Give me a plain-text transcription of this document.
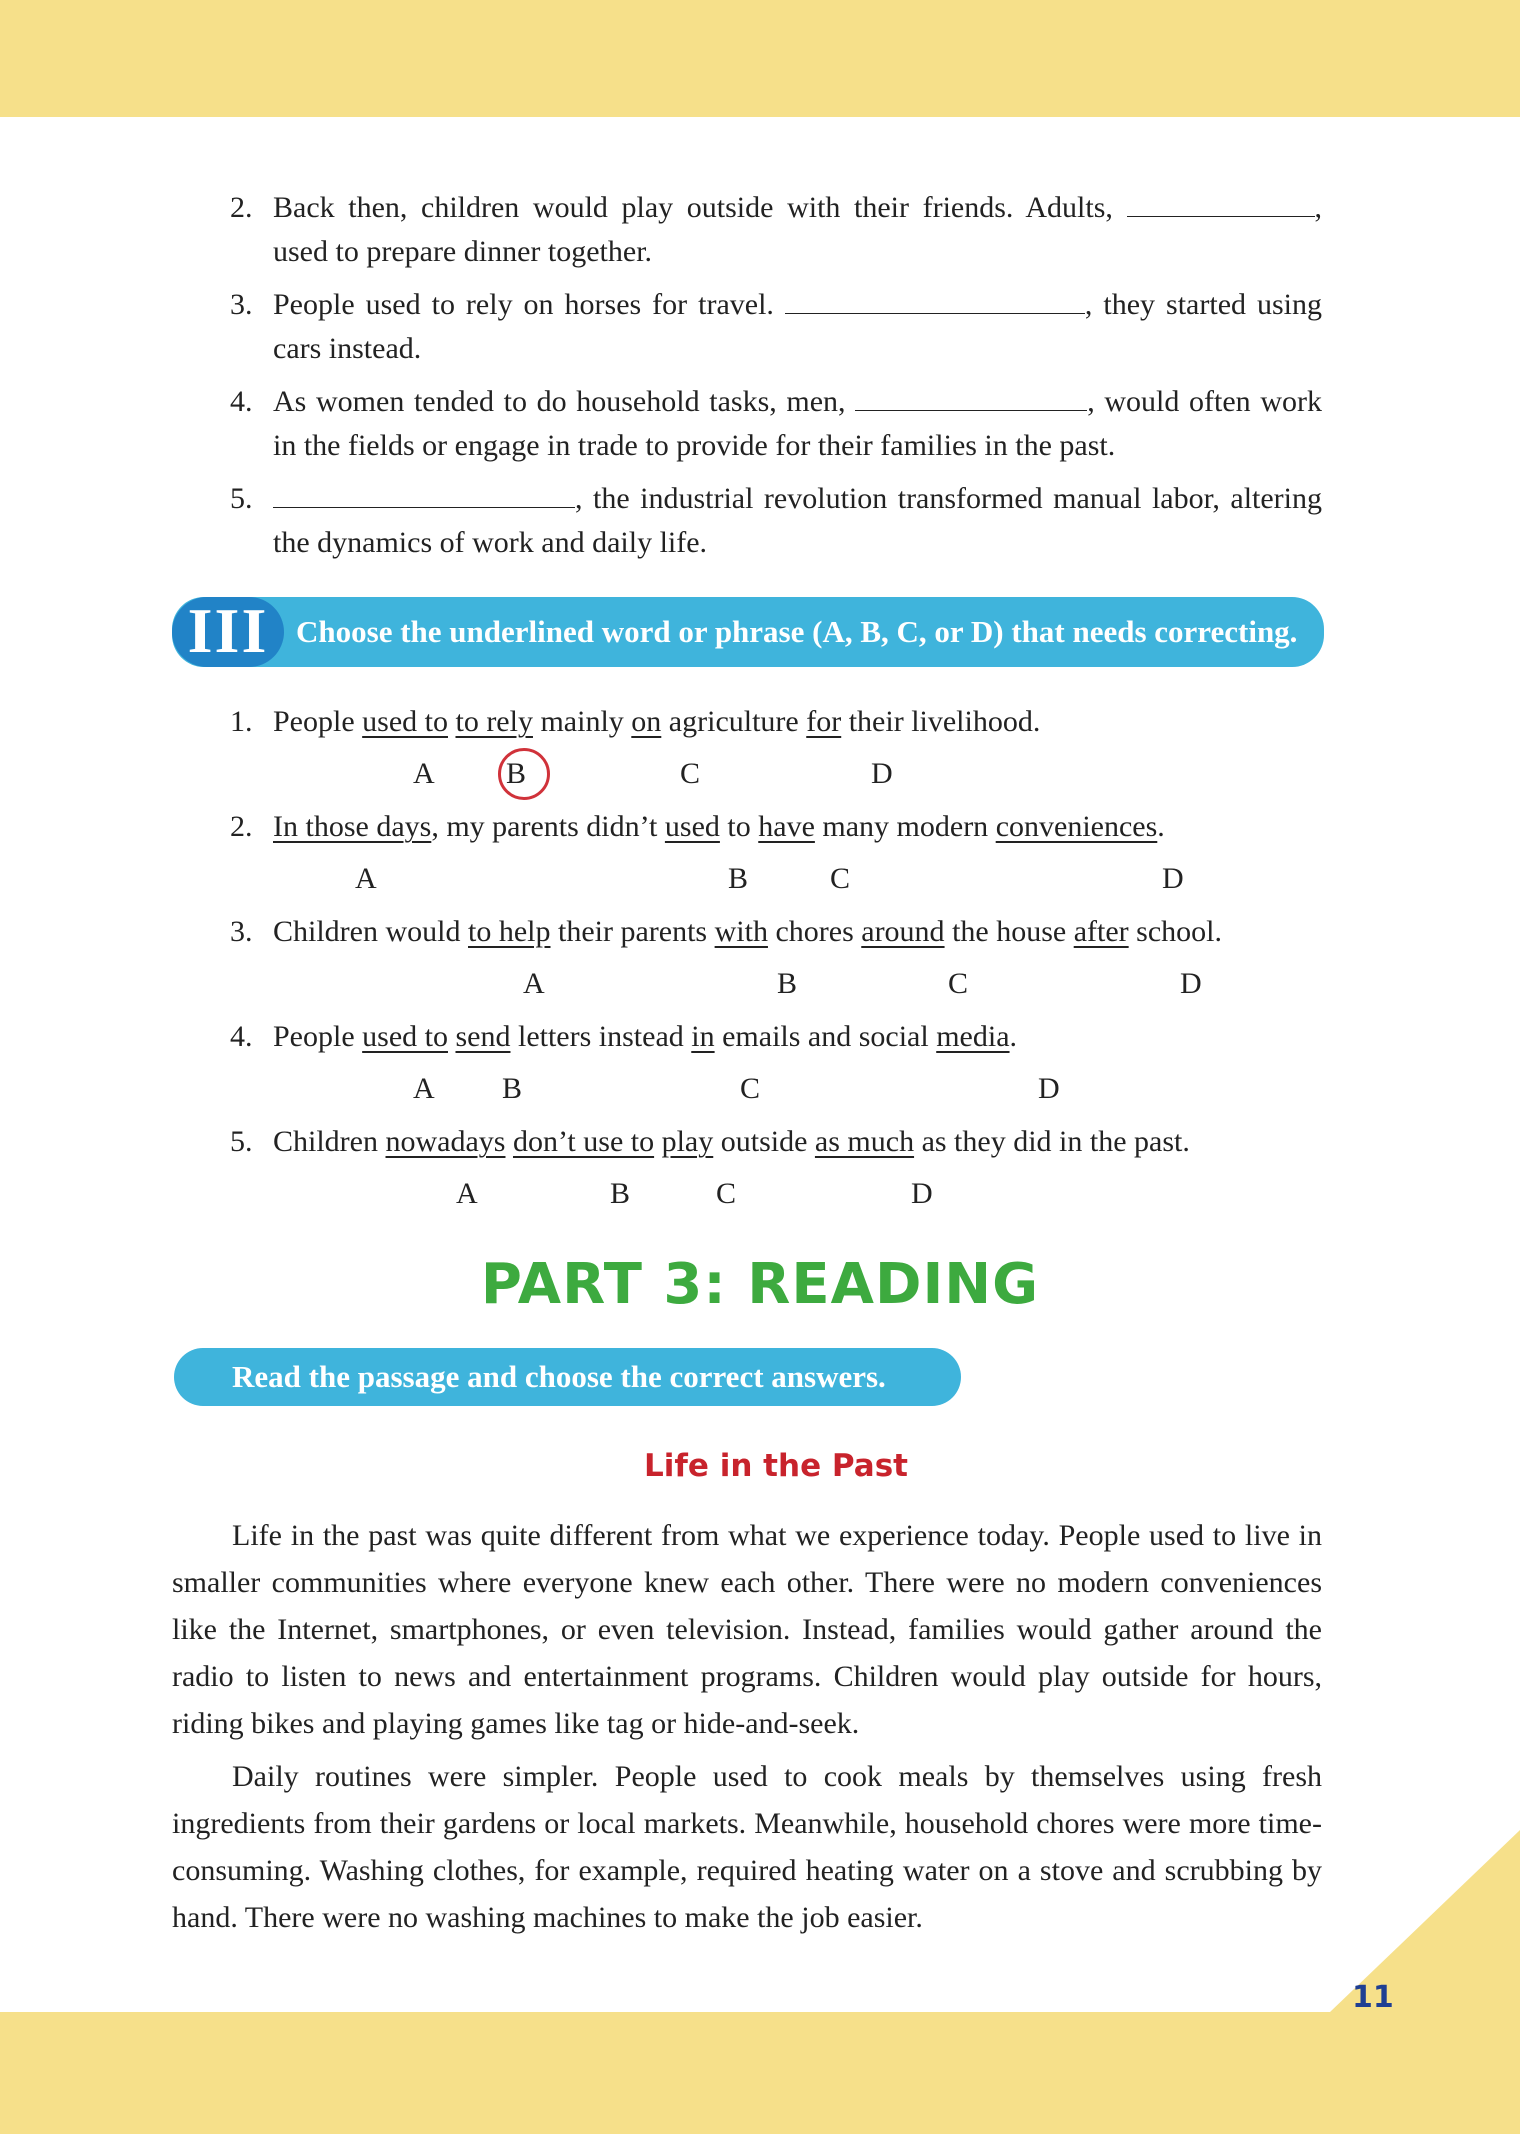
2. Back then, children would play outside with their friends. Adults,	, used to prepare dinner together.
3. People used to rely on horses for travel.	, they started using cars instead.
4. As women tended to do household tasks, men,	, would often work in the fields or engage in trade to provide for their families in the past.
5.	, the industrial revolution transformed manual labor, altering the dynamics of work and daily life.
III Choose the underlined word or phrase (A, B, C, or D) that needs correcting.
1. People used to to rely mainly on agriculture for their livelihood.
A B	C	D
2. In those days, my parents didn’t used to have many modern conveniences.
A	B	C	D
3. Children would to help their parents with chores around the house after school.
A	B	C	D
4. People used to send letters instead in emails and social media.
A B	C	D
5. Children nowadays don’t use to play outside as much as they did in the past.
A	B	C	D
PART 3: READING
Read the passage and choose the correct answers.
Life in the Past

Life in the past was quite different from what we experience today. People used to live in smaller communities where everyone knew each other. There were no modern conveniences like the Internet, smartphones, or even television. Instead, families would gather around the radio to listen to news and entertainment programs. Children would play outside for hours, riding bikes and playing games like tag or hide-and-seek.

Daily routines were simpler. People used to cook meals by themselves using fresh ingredients from their gardens or local markets. Meanwhile, household chores were more time-consuming. Washing clothes, for example, required heating water on a stove and scrubbing by hand. There were no washing machines to make the job easier.

11
